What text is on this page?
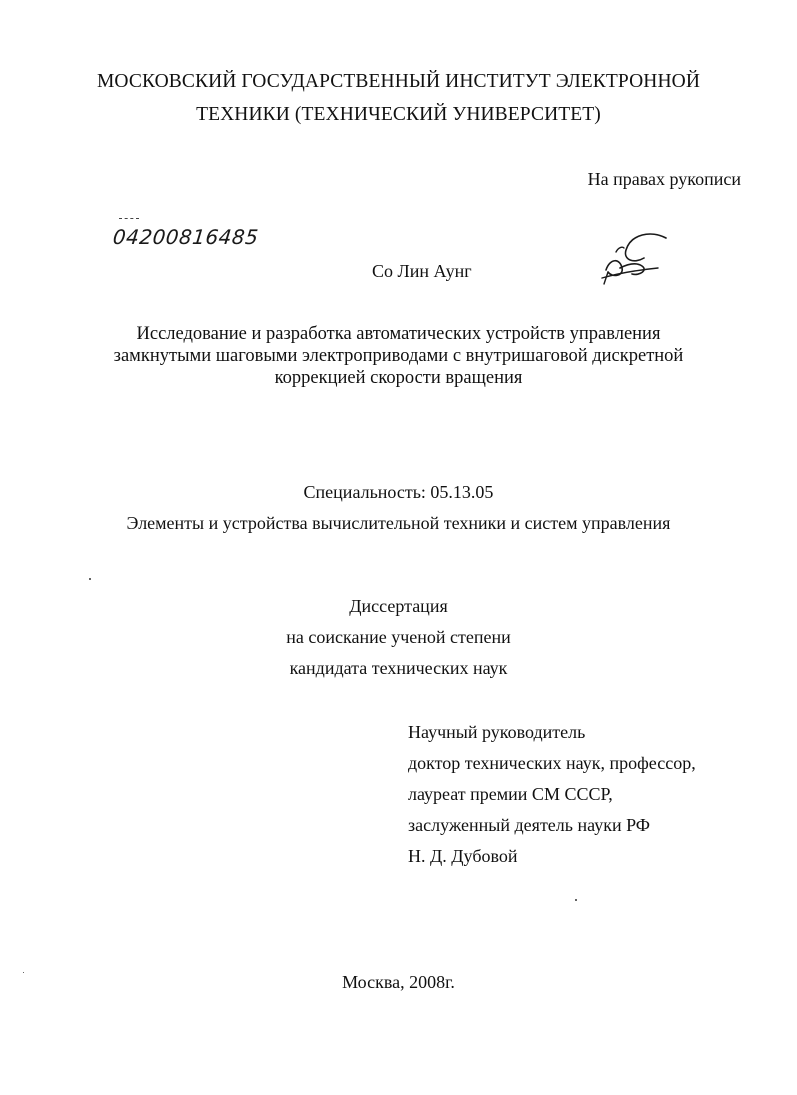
МОСКОВСКИЙ ГОСУДАРСТВЕННЫЙ ИНСТИТУТ ЭЛЕКТРОННОЙ
ТЕХНИКИ (ТЕХНИЧЕСКИЙ УНИВЕРСИТЕТ)
На правах рукописи
04200816485
Со Лин Аунг
Исследование и разработка автоматических устройств управления
замкнутыми шаговыми электроприводами с внутришаговой дискретной
коррекцией скорости вращения
Специальность: 05.13.05
Элементы и устройства вычислительной техники и систем управления
Диссертация
на соискание ученой степени
кандидата технических наук
Научный руководитель
доктор технических наук, профессор,
лауреат премии СМ СССР,
заслуженный деятель науки РФ
Н. Д. Дубовой
Москва, 2008г.
